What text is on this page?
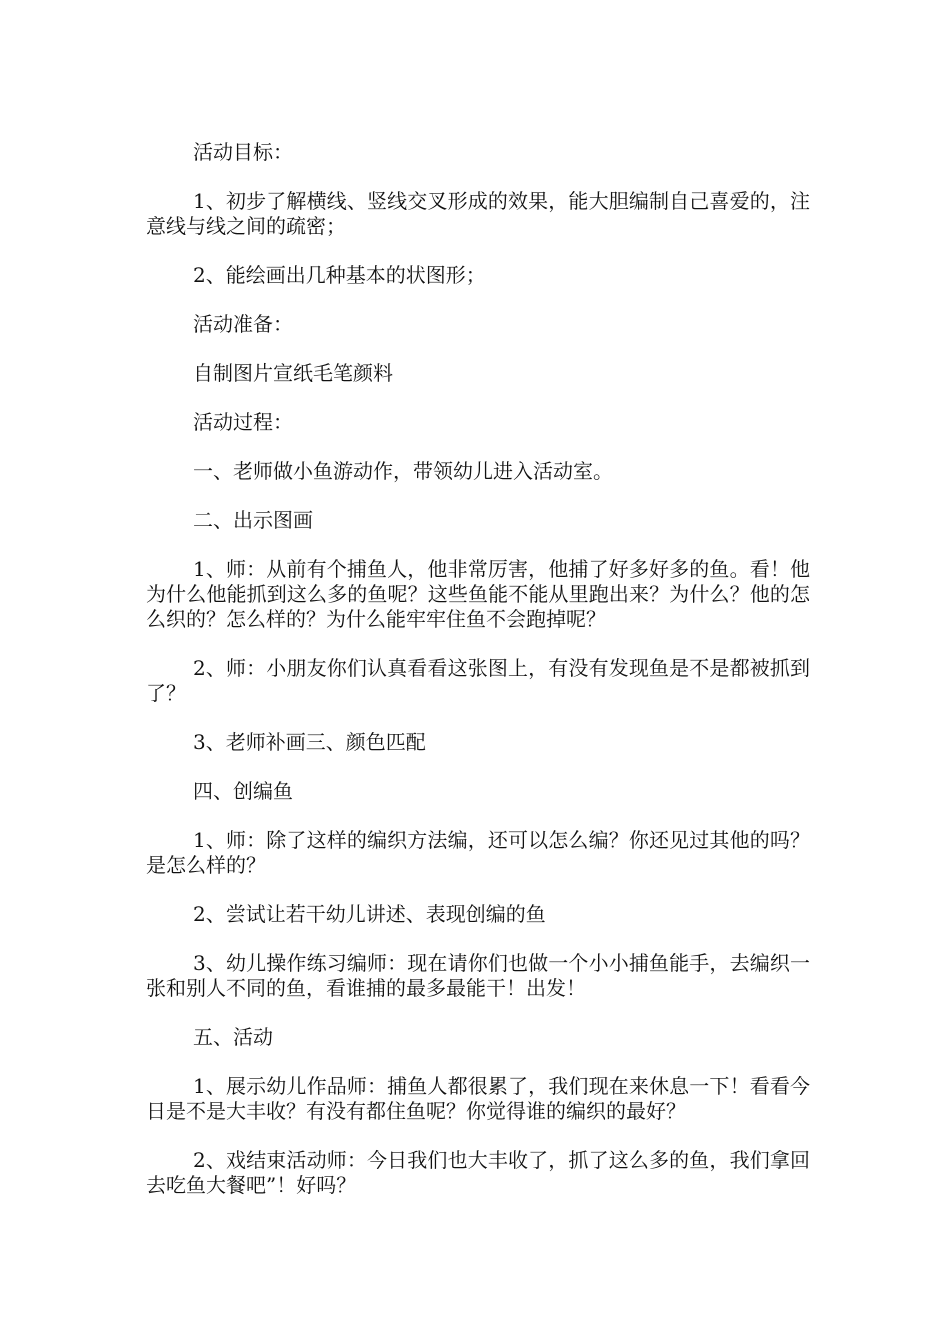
活动目标：

1、初步了解横线、竖线交叉形成的效果，能大胆编制自己喜爱的，注意线与线之间的疏密；

2、能绘画出几种基本的状图形；

活动准备：

自制图片宣纸毛笔颜料

活动过程：

一、老师做小鱼游动作，带领幼儿进入活动室。

二、出示图画

1、师：从前有个捕鱼人，他非常厉害，他捕了好多好多的鱼。看！他为什么他能抓到这么多的鱼呢？这些鱼能不能从里跑出来？为什么？他的怎么织的？怎么样的？为什么能牢牢住鱼不会跑掉呢？

2、师：小朋友你们认真看看这张图上，有没有发现鱼是不是都被抓到了？

3、老师补画三、颜色匹配

四、创编鱼

1、师：除了这样的编织方法编，还可以怎么编？你还见过其他的吗？是怎么样的？

2、尝试让若干幼儿讲述、表现创编的鱼

3、幼儿操作练习编师：现在请你们也做一个小小捕鱼能手，去编织一张和别人不同的鱼，看谁捕的最多最能干！出发！

五、活动

1、展示幼儿作品师：捕鱼人都很累了，我们现在来休息一下！看看今日是不是大丰收？有没有都住鱼呢？你觉得谁的编织的最好？

2、戏结束活动师：今日我们也大丰收了，抓了这么多的鱼，我们拿回去吃鱼大餐吧”！好吗？
